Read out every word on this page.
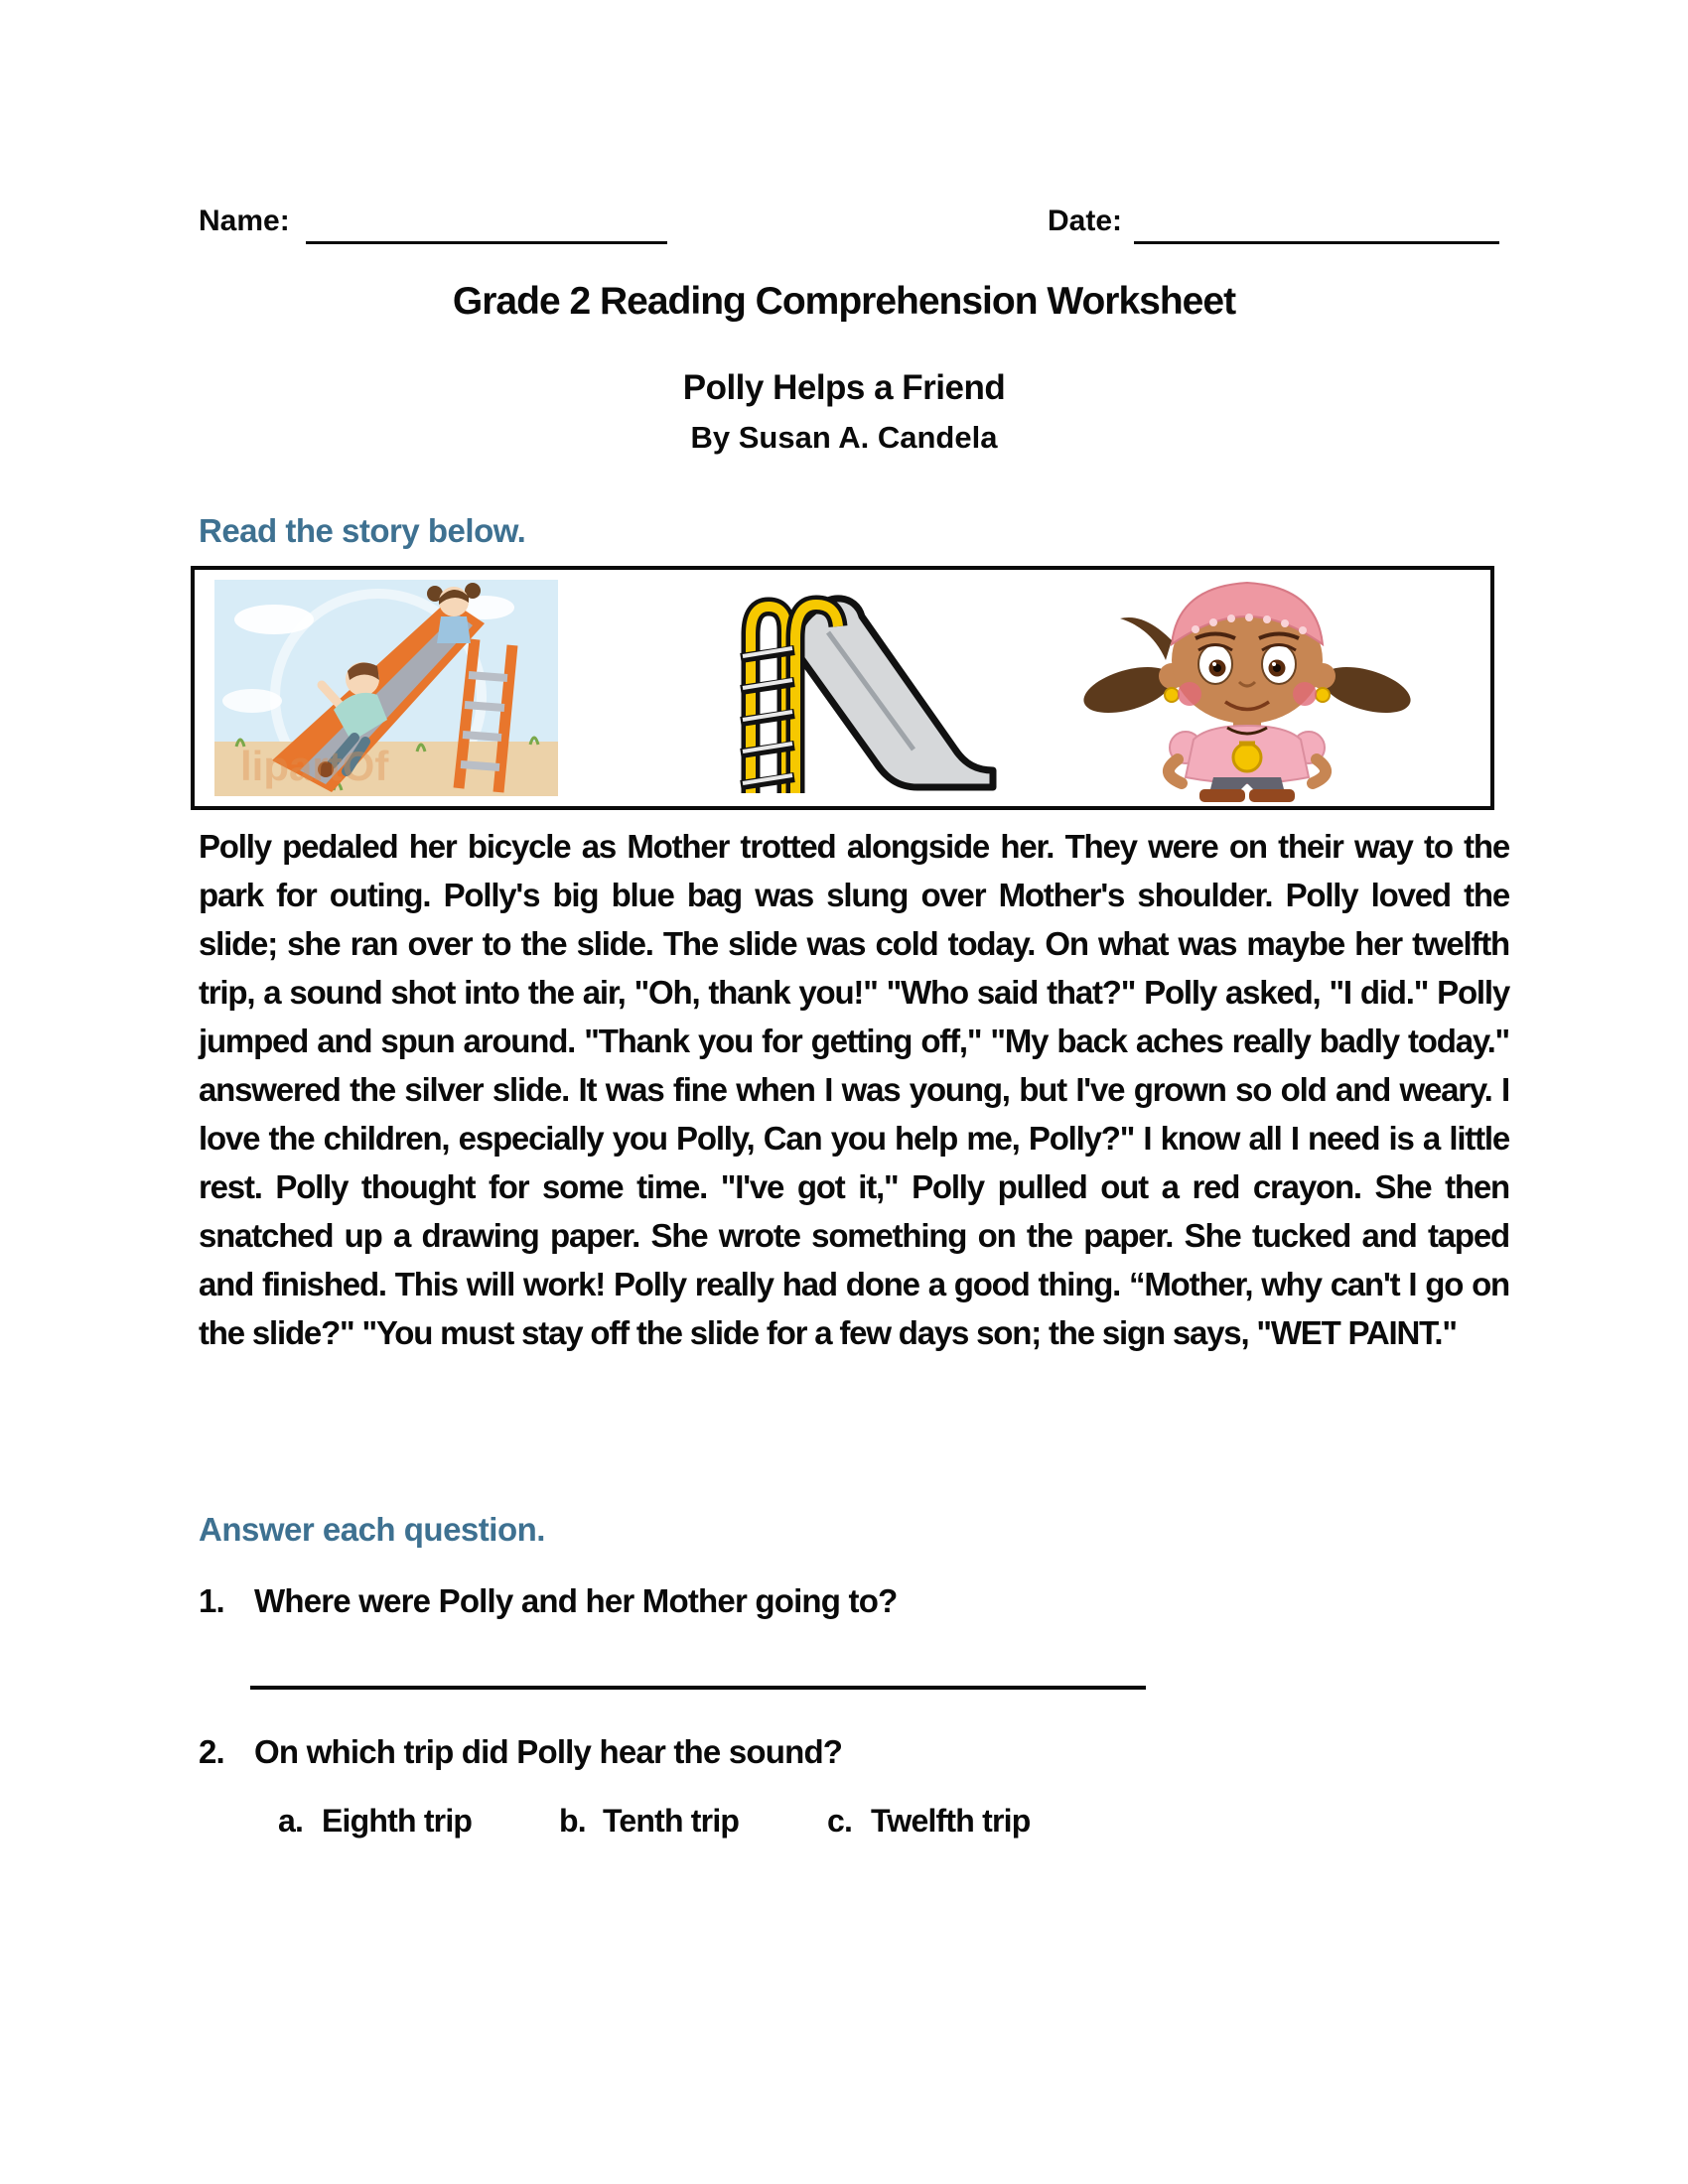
Name:	Date:
Grade 2 Reading Comprehension Worksheet
Polly Helps a Friend
By Susan A. Candela
Read the story below.
lipartOf
Polly pedaled her bicycle as Mother trotted alongside her. They were on their way to the park for outing. Polly's big blue bag was slung over Mother's shoulder. Polly loved the slide; she ran over to the slide. The slide was cold today. On what was maybe her twelfth trip, a sound shot into the air, "Oh, thank you!" "Who said that?" Polly asked, "I did." Polly jumped and spun around. "Thank you for getting off," "My back aches really badly today." answered the silver slide. It was fine when I was young, but I've grown so old and weary. I love the children, especially you Polly, Can you help me, Polly?" I know all I need is a little rest. Polly thought for some time. "I've got it," Polly pulled out a red crayon. She then snatched up a drawing paper. She wrote something on the paper. She tucked and taped and finished. This will work! Polly really had done a good thing. “Mother, why can't I go on the slide?" "You must stay off the slide for a few days son; the sign says, "WET PAINT."
Answer each question.
1. Where were Polly and her Mother going to?
2. On which trip did Polly hear the sound?
a. Eighth trip	b. Tenth trip	c. Twelfth trip
